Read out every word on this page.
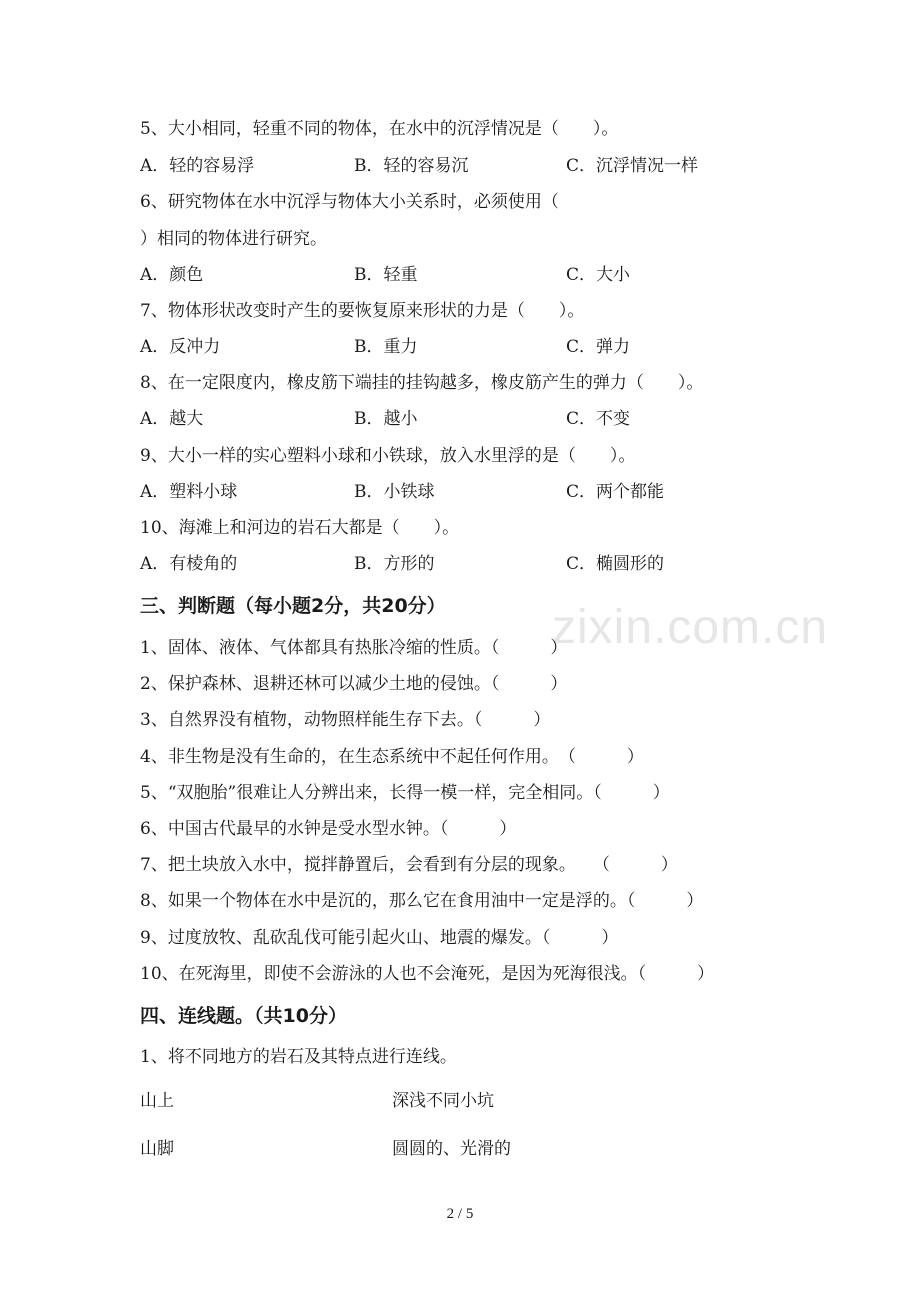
5、大小相同，轻重不同的物体，在水中的沉浮情况是（　　）。
A．轻的容易浮	B．轻的容易沉	C．沉浮情况一样
6、研究物体在水中沉浮与物体大小关系时，必须使用（
）相同的物体进行研究。
A．颜色	B．轻重	C．大小
7、物体形状改变时产生的要恢复原来形状的力是（　　）。
A．反冲力	B．重力	C．弹力
8、在一定限度内，橡皮筋下端挂的挂钩越多，橡皮筋产生的弹力（　　）。
A．越大	B．越小	C．不变
9、大小一样的实心塑料小球和小铁球，放入水里浮的是（　　）。
A．塑料小球	B．小铁球	C．两个都能
10、海滩上和河边的岩石大都是（　　）。
A．有棱角的	B．方形的	C．椭圆形的
zixin.com.cn
三、判断题（每小题2分，共20分）
1、固体、液体、气体都具有热胀冷缩的性质。（　　　）
2、保护森林、退耕还林可以减少土地的侵蚀。（　　　）
3、自然界没有植物，动物照样能生存下去。（　　　）
4、非生物是没有生命的，在生态系统中不起任何作用。　（　　　）
5、“双胞胎”很难让人分辨出来，长得一模一样，完全相同。（　　　）
6、中国古代最早的水钟是受水型水钟。（　　　）
7、把土块放入水中，搅拌静置后，会看到有分层的现象。　　（　　　）
8、如果一个物体在水中是沉的，那么它在食用油中一定是浮的。（　　　）
9、过度放牧、乱砍乱伐可能引起火山、地震的爆发。（　　　）
10、在死海里，即使不会游泳的人也不会淹死，是因为死海很浅。（　　　）
四、连线题。（共10分）
1、将不同地方的岩石及其特点进行连线。
山上	深浅不同小坑
山脚	圆圆的、光滑的
2 / 5
